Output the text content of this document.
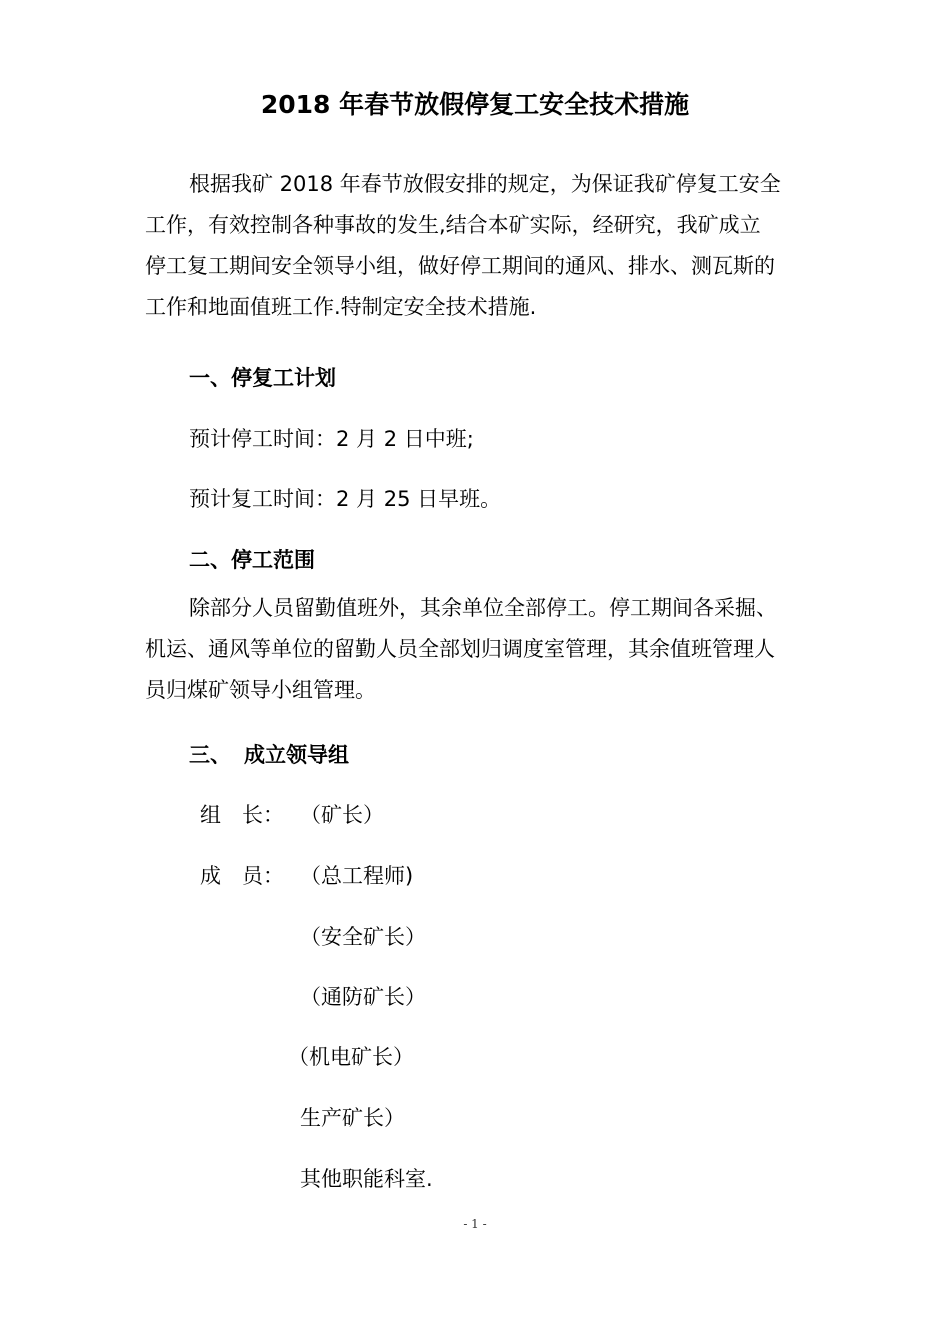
2018 年春节放假停复工安全技术措施
根据我矿 2018 年春节放假安排的规定，为保证我矿停复工安全
工作，有效控制各种事故的发生,结合本矿实际，经研究，我矿成立
停工复工期间安全领导小组，做好停工期间的通风、排水、测瓦斯的
工作和地面值班工作.特制定安全技术措施.
一、停复工计划
预计停工时间：2 月 2 日中班;
预计复工时间：2 月 25 日早班。
二、停工范围
除部分人员留勤值班外，其余单位全部停工。停工期间各采掘、
机运、通风等单位的留勤人员全部划归调度室管理，其余值班管理人
员归煤矿领导小组管理。
三、 成立领导组
组　长： （矿长）
成　员： （总工程师)
（安全矿长）
（通防矿长）
（机电矿长）
生产矿长）
其他职能科室.
- 1 -
